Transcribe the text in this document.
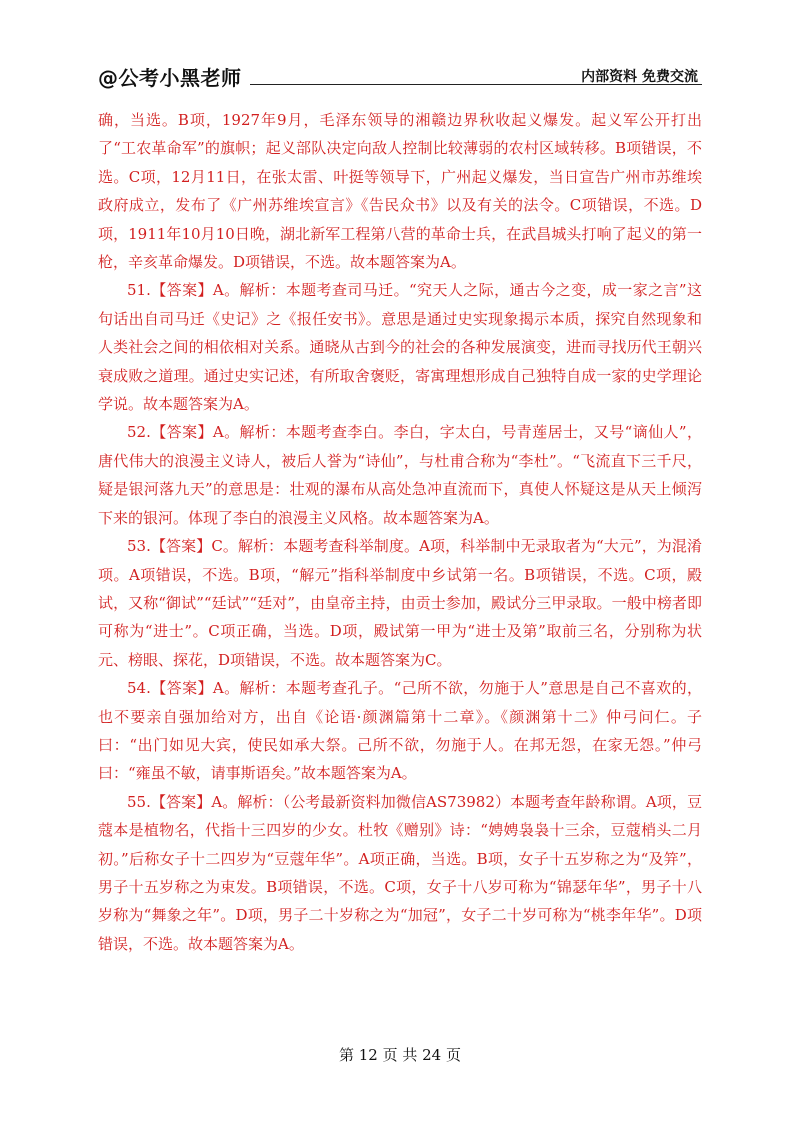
@公考小黑老师	内部资料 免费交流

确，当选。B项，1927年9月，毛泽东领导的湘赣边界秋收起义爆发。起义军公开打出了“工农革命军”的旗帜；起义部队决定向敌人控制比较薄弱的农村区域转移。B项错误，不选。C项，12月11日，在张太雷、叶挺等领导下，广州起义爆发，当日宣告广州市苏维埃政府成立，发布了《广州苏维埃宣言》《告民众书》以及有关的法令。C项错误，不选。D项，1911年10月10日晚，湖北新军工程第八营的革命士兵，在武昌城头打响了起义的第一枪，辛亥革命爆发。D项错误，不选。故本题答案为A。

51.【答案】A。解析：本题考查司马迁。“究天人之际，通古今之变，成一家之言”这句话出自司马迁《史记》之《报任安书》。意思是通过史实现象揭示本质，探究自然现象和人类社会之间的相依相对关系。通晓从古到今的社会的各种发展演变，进而寻找历代王朝兴衰成败之道理。通过史实记述，有所取舍褒贬，寄寓理想形成自己独特自成一家的史学理论学说。故本题答案为A。

52.【答案】A。解析：本题考查李白。李白，字太白，号青莲居士，又号“谪仙人”，唐代伟大的浪漫主义诗人，被后人誉为“诗仙”，与杜甫合称为“李杜”。“飞流直下三千尺，疑是银河落九天”的意思是：壮观的瀑布从高处急冲直流而下，真使人怀疑这是从天上倾泻下来的银河。体现了李白的浪漫主义风格。故本题答案为A。

53.【答案】C。解析：本题考查科举制度。A项，科举制中无录取者为“大元”，为混淆项。A项错误，不选。B项，“解元”指科举制度中乡试第一名。B项错误，不选。C项，殿试，又称“御试”“廷试”“廷对”，由皇帝主持，由贡士参加，殿试分三甲录取。一般中榜者即可称为“进士”。C项正确，当选。D项，殿试第一甲为“进士及第”取前三名，分别称为状元、榜眼、探花，D项错误，不选。故本题答案为C。

54.【答案】A。解析：本题考查孔子。“己所不欲，勿施于人”意思是自己不喜欢的，也不要亲自强加给对方，出自《论语·颜渊篇第十二章》。《颜渊第十二》仲弓问仁。子曰：“出门如见大宾，使民如承大祭。己所不欲，勿施于人。在邦无怨，在家无怨。”仲弓曰：“雍虽不敏，请事斯语矣。”故本题答案为A。

55.【答案】A。解析：（公考最新资料加微信AS73982）本题考查年龄称谓。A项，豆蔻本是植物名，代指十三四岁的少女。杜牧《赠别》诗：“娉娉袅袅十三余，豆蔻梢头二月初。”后称女子十二四岁为“豆蔻年华”。A项正确，当选。B项，女子十五岁称之为“及笄”，男子十五岁称之为束发。B项错误，不选。C项，女子十八岁可称为“锦瑟年华”，男子十八岁称为“舞象之年”。D项，男子二十岁称之为“加冠”，女子二十岁可称为“桃李年华”。D项错误，不选。故本题答案为A。

第 12 页 共 24 页
